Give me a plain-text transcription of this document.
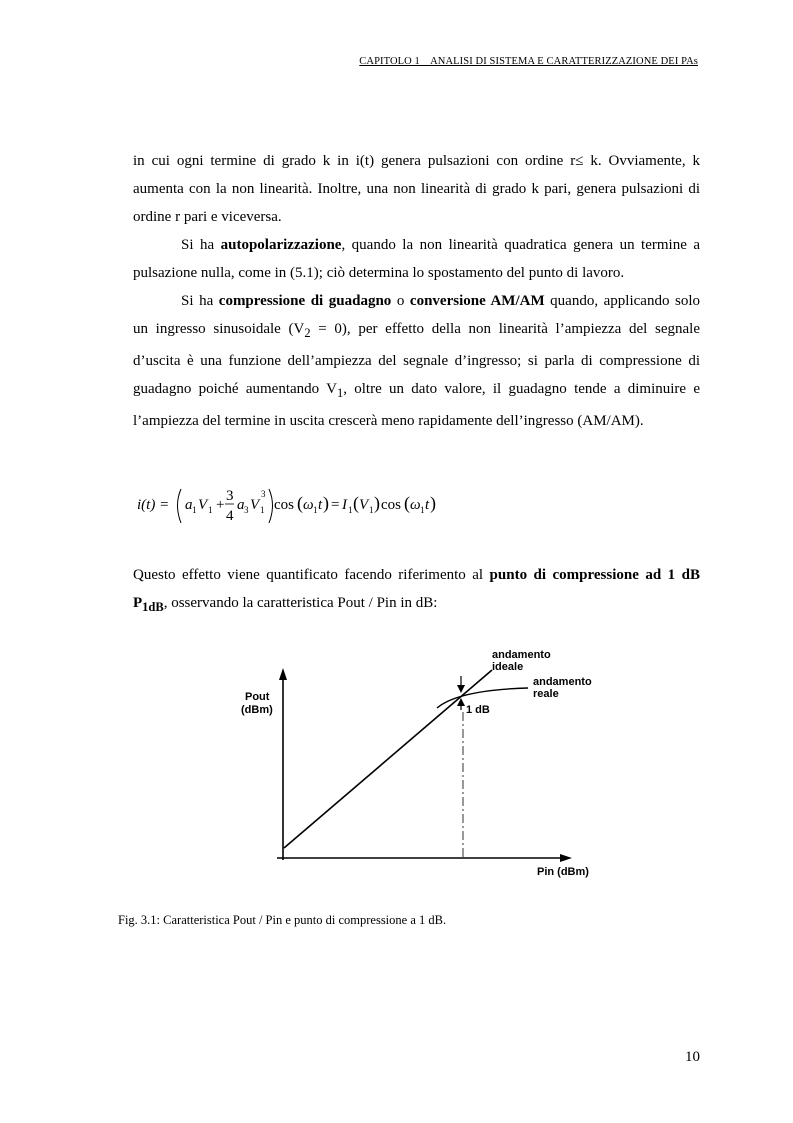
CAPITOLO 1 _ ANALISI DI SISTEMA E CARATTERIZZAZIONE DEI PAs

in cui ogni termine di grado k in i(t) genera pulsazioni con ordine r≤ k. Ovviamente, k aumenta con la non linearità. Inoltre, una non linearità di grado k pari, genera pulsazioni di ordine r pari e viceversa.

Si ha autopolarizzazione, quando la non linearità quadratica genera un termine a pulsazione nulla, come in (5.1); ciò determina lo spostamento del punto di lavoro.

Si ha compressione di guadagno o conversione AM/AM quando, applicando solo un ingresso sinusoidale $(V_2 = 0)$, per effetto della non linearità l’ampiezza del segnale d’uscita è una funzione dell’ampiezza del segnale d’ingresso; si parla di compressione di guadagno poiché aumentando $V_1$, oltre un dato valore, il guadagno tende a diminuire e l’ampiezza del termine in uscita crescerà meno rapidamente dell’ingresso (AM/AM).

i(t) = a 1 V 1 +
3
4
a 3 V 1
3
cos ( ω 1 t ) = I 1 ( V 1 ) cos ( ω 1 t )

Questo effetto viene quantificato facendo riferimento al punto di compressione ad 1 dB $P_{1dB}$, osservando la caratteristica Pout / Pin in dB:

Pout
(dBm)
Pin (dBm)
andamento
ideale
andamento
reale
1 dB
Fig. 3.1: Caratteristica Pout / Pin e punto di compressione a 1 dB.
10
